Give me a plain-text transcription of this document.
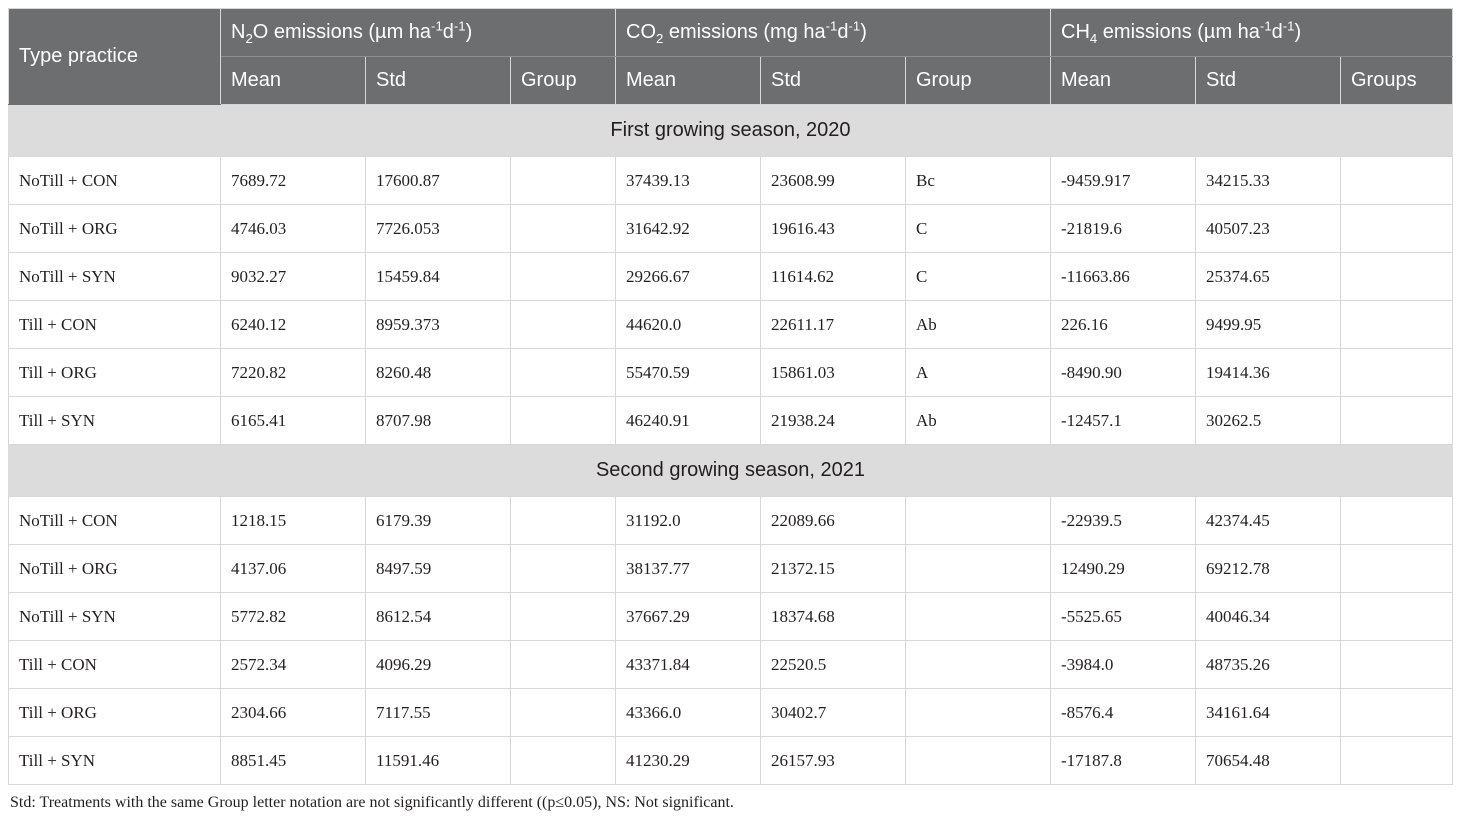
Type practice	$N_2O$ emissions (µm $ha^{-1}d^{-1}$)			$CO_2$ emissions (mg $ha^{-1}d^{-1}$)			$CH_4$ emissions (µm $ha^{-1}d^{-1}$)		
	Mean	Std	Group	Mean	Std	Group	Mean	Std	Groups
First growing season, 2020									
NoTill + CON	7689.72	17600.87		37439.13	23608.99	Bc	-9459.917	34215.33	
NoTill + ORG	4746.03	7726.053		31642.92	19616.43	C	-21819.6	40507.23	
NoTill + SYN	9032.27	15459.84		29266.67	11614.62	C	-11663.86	25374.65	
Till + CON	6240.12	8959.373		44620.0	22611.17	Ab	226.16	9499.95	
Till + ORG	7220.82	8260.48		55470.59	15861.03	A	-8490.90	19414.36	
Till + SYN	6165.41	8707.98		46240.91	21938.24	Ab	-12457.1	30262.5	
Second growing season, 2021									
NoTill + CON	1218.15	6179.39		31192.0	22089.66		-22939.5	42374.45	
NoTill + ORG	4137.06	8497.59		38137.77	21372.15		12490.29	69212.78	
NoTill + SYN	5772.82	8612.54		37667.29	18374.68		-5525.65	40046.34	
Till + CON	2572.34	4096.29		43371.84	22520.5		-3984.0	48735.26	
Till + ORG	2304.66	7117.55		43366.0	30402.7		-8576.4	34161.64	
Till + SYN	8851.45	11591.46		41230.29	26157.93		-17187.8	70654.48	
Std: Treatments with the same Group letter notation are not significantly different ((p≤0.05), NS: Not significant.
